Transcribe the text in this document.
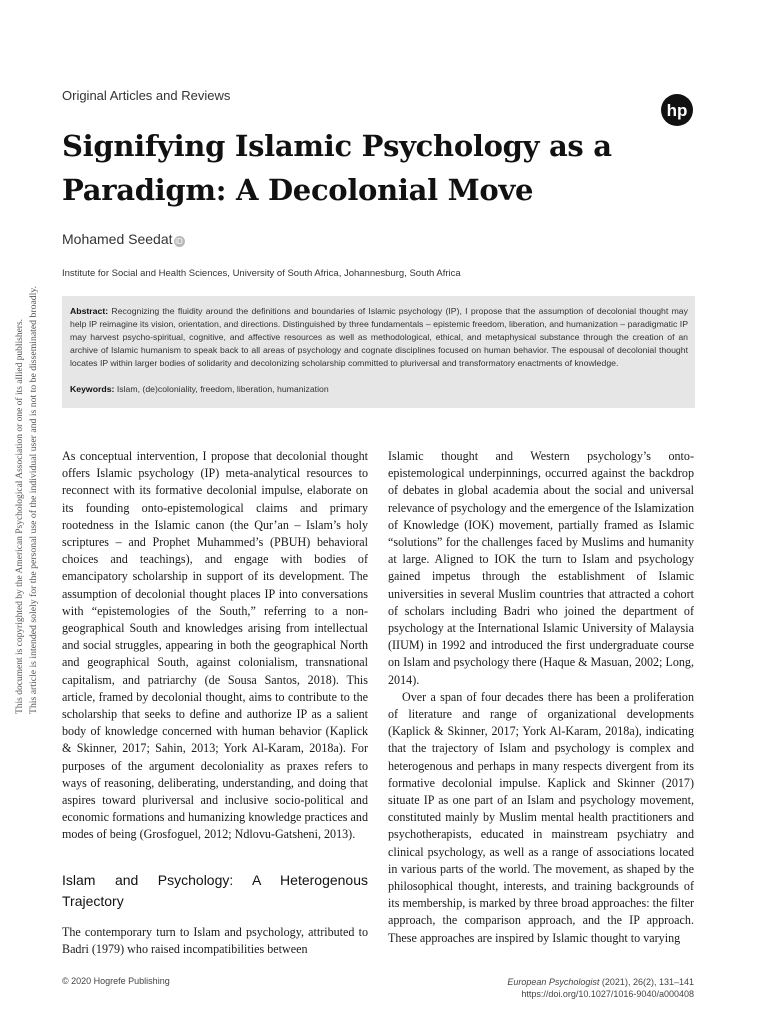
Original Articles and Reviews
hp
Signifying Islamic Psychology as a Paradigm: A Decolonial Move
Mohamed Seedat iD
Institute for Social and Health Sciences, University of South Africa, Johannesburg, South Africa
Abstract: Recognizing the fluidity around the definitions and boundaries of Islamic psychology (IP), I propose that the assumption of decolonial thought may help IP reimagine its vision, orientation, and directions. Distinguished by three fundamentals – epistemic freedom, liberation, and humanization – paradigmatic IP may harvest psycho-spiritual, cognitive, and affective resources as well as methodological, ethical, and metaphysical substance through the creation of an archive of Islamic humanism to speak back to all areas of psychology and cognate disciplines focused on human behavior. The espousal of decolonial thought locates IP within larger bodies of solidarity and decolonizing scholarship committed to pluriversal and transformatory enactments of knowledge.
Keywords: Islam, (de)coloniality, freedom, liberation, humanization
This document is copyrighted by the American Psychological Association or one of its allied publishers. This article is intended solely for the personal use of the individual user and is not to be disseminated broadly. As conceptual intervention, I propose that decolonial thought offers Islamic psychology (IP) meta-analytical resources to reconnect with its formative decolonial impulse, elaborate on its founding onto-epistemological claims and primary rootedness in the Islamic canon (the Qur’an – Islam’s holy scriptures – and Prophet Muhammed’s (PBUH) behavioral choices and teachings), and engage with bodies of emancipatory scholarship in support of its development. The assumption of decolonial thought places IP into conversations with “epistemologies of the South,” referring to a non-geographical South and knowledges arising from intellectual and social struggles, appearing in both the geographical North and geographical South, against colonialism, transnational capitalism, and patriarchy (de Sousa Santos, 2018). This article, framed by decolonial thought, aims to contribute to the scholarship that seeks to define and authorize IP as a salient body of knowledge concerned with human behavior (Kaplick & Skinner, 2017; Sahin, 2013; York Al-Karam, 2018a). For purposes of the argument decoloniality as praxes refers to ways of reasoning, deliberating, understanding, and doing that aspires toward pluriversal and inclusive socio-political and economic formations and humanizing knowledge practices and modes of being (Grosfoguel, 2012; Ndlovu-Gatsheni, 2013).

Islam and Psychology: A Heterogenous Trajectory

The contemporary turn to Islam and psychology, attributed to Badri (1979) who raised incompatibilities between

Islamic thought and Western psychology’s onto-epistemological underpinnings, occurred against the backdrop of debates in global academia about the social and universal relevance of psychology and the emergence of the Islamization of Knowledge (IOK) movement, partially framed as Islamic “solutions” for the challenges faced by Muslims and humanity at large. Aligned to IOK the turn to Islam and psychology gained impetus through the establishment of Islamic universities in several Muslim countries that attracted a cohort of scholars including Badri who joined the department of psychology at the International Islamic University of Malaysia (IIUM) in 1992 and introduced the first undergraduate course on Islam and psychology there (Haque & Masuan, 2002; Long, 2014).

Over a span of four decades there has been a proliferation of literature and range of organizational developments (Kaplick & Skinner, 2017; York Al-Karam, 2018a), indicating that the trajectory of Islam and psychology is complex and heterogenous and perhaps in many respects divergent from its formative decolonial impulse. Kaplick and Skinner (2017) situate IP as one part of an Islam and psychology movement, constituted mainly by Muslim mental health practitioners and psychotherapists, educated in mainstream psychiatry and clinical psychology, as well as a range of associations located in various parts of the world. The movement, as shaped by the philosophical thought, interests, and training backgrounds of its membership, is marked by three broad approaches: the filter approach, the comparison approach, and the IP approach. These approaches are inspired by Islamic thought to varying

© 2020 Hogrefe Publishing	European Psychologist (2021), 26(2), 131–141
https://doi.org/10.1027/1016-9040/a000408
